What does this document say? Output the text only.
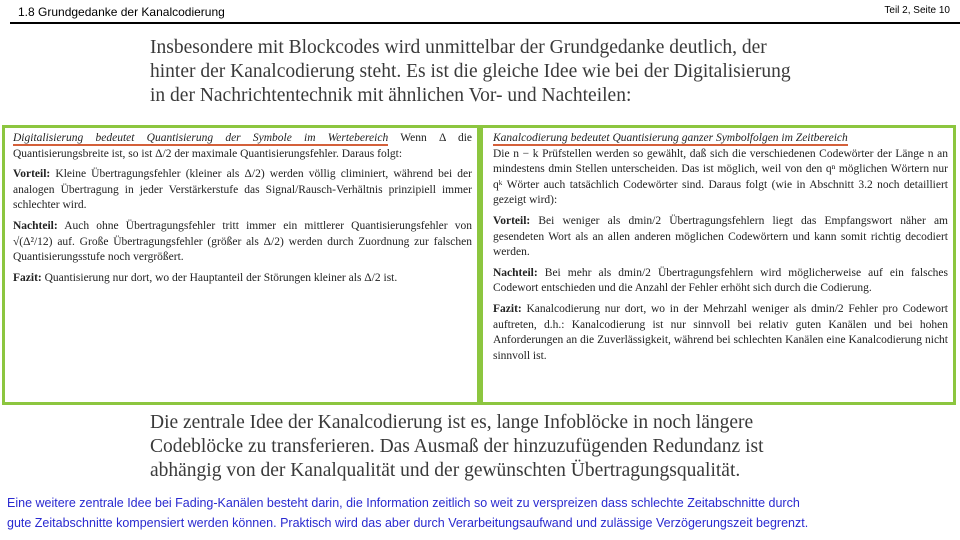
1.8 Grundgedanke der Kanalcodierung	Teil 2, Seite 10

Insbesondere mit Blockcodes wird unmittelbar der Grundgedanke deutlich, der

hinter der Kanalcodierung steht. Es ist die gleiche Idee wie bei der Digitalisierung

in der Nachrichtentechnik mit ähnlichen Vor- und Nachteilen:

Digitalisierung bedeutet Quantisierung der Symbole im Wertebereich Wenn Δ die Quantisierungsbreite ist, so ist Δ/2 der maximale Quantisierungsfehler. Daraus folgt:

Vorteil: Kleine Übertragungsfehler (kleiner als Δ/2) werden völlig climiniert, während bei der analogen Übertragung in jeder Verstärkerstufe das Signal/Rausch-Verhältnis prinzipiell immer schlechter wird.

Nachteil: Auch ohne Übertragungsfehler tritt immer ein mittlerer Quantisierungsfehler von √(Δ²/12) auf. Große Übertragungsfehler (größer als Δ/2) werden durch Zuordnung zur falschen Quantisierungsstufe noch vergrößert.

Fazit: Quantisierung nur dort, wo der Hauptanteil der Störungen kleiner als Δ/2 ist.

Kanalcodierung bedeutet Quantisierung ganzer Symbolfolgen im Zeitbereich
Die n − k Prüfstellen werden so gewählt, daß sich die verschiedenen Codewörter der Länge n an mindestens dmin Stellen unterscheiden. Das ist möglich, weil von den qⁿ möglichen Wörtern nur qᵏ Wörter auch tatsächlich Codewörter sind. Daraus folgt (wie in Abschnitt 3.2 noch detailliert gezeigt wird):

Vorteil: Bei weniger als dmin/2 Übertragungsfehlern liegt das Empfangswort näher am gesendeten Wort als an allen anderen möglichen Codewörtern und kann somit richtig decodiert werden.

Nachteil: Bei mehr als dmin/2 Übertragungsfehlern wird möglicherweise auf ein falsches Codewort entschieden und die Anzahl der Fehler erhöht sich durch die Codierung.

Fazit: Kanalcodierung nur dort, wo in der Mehrzahl weniger als dmin/2 Fehler pro Codewort auftreten, d.h.: Kanalcodierung ist nur sinnvoll bei relativ guten Kanälen und bei hohen Anforderungen an die Zuverlässigkeit, während bei schlechten Kanälen eine Kanalcodierung nicht sinnvoll ist.

Die zentrale Idee der Kanalcodierung ist es, lange Infoblöcke in noch längere

Codeblöcke zu transferieren. Das Ausmaß der hinzuzufügenden Redundanz ist

abhängig von der Kanalqualität und der gewünschten Übertragungsqualität.

Eine weitere zentrale Idee bei Fading-Kanälen besteht darin, die Information zeitlich so weit zu verspreizen dass schlechte Zeitabschnitte durch

gute Zeitabschnitte kompensiert werden können. Praktisch wird das aber durch Verarbeitungsaufwand und zulässige Verzögerungszeit begrenzt.
